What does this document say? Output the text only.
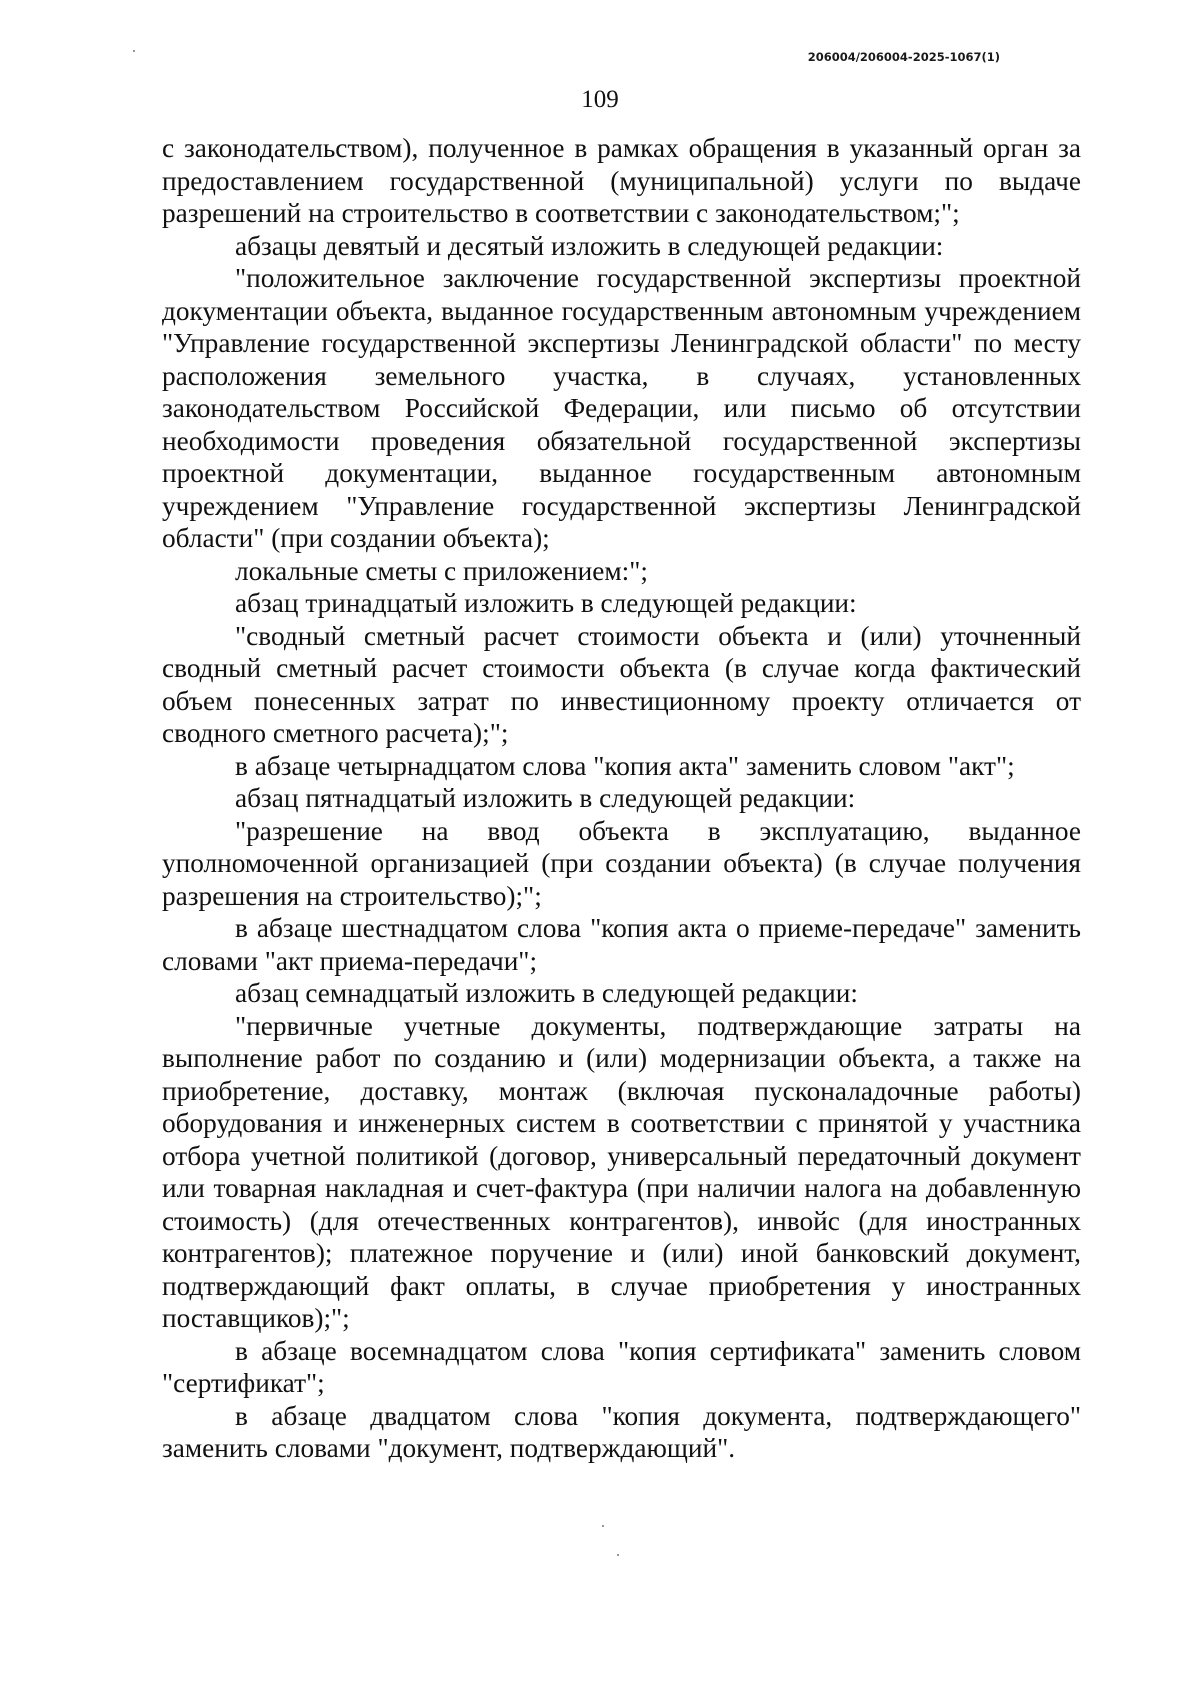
206004/206004-2025-1067(1)
109

с законодательством), полученное в рамках обращения в указанный орган за предоставлением государственной (муниципальной) услуги по выдаче разрешений на строительство в соответствии с законодательством;";

абзацы девятый и десятый изложить в следующей редакции:

"положительное заключение государственной экспертизы проектной документации объекта, выданное государственным автономным учреждением "Управление государственной экспертизы Ленинградской области" по месту расположения земельного участка, в случаях, установленных законодательством Российской Федерации, или письмо об отсутствии необходимости проведения обязательной государственной экспертизы проектной документации, выданное государственным автономным учреждением "Управление государственной экспертизы Ленинградской области" (при создании объекта);

локальные сметы с приложением:";

абзац тринадцатый изложить в следующей редакции:

"сводный сметный расчет стоимости объекта и (или) уточненный сводный сметный расчет стоимости объекта (в случае когда фактический объем понесенных затрат по инвестиционному проекту отличается от сводного сметного расчета);";

в абзаце четырнадцатом слова "копия акта" заменить словом "акт";

абзац пятнадцатый изложить в следующей редакции:

"разрешение на ввод объекта в эксплуатацию, выданное уполномоченной организацией (при создании объекта) (в случае получения разрешения на строительство);";

в абзаце шестнадцатом слова "копия акта о приеме-передаче" заменить словами "акт приема-передачи";

абзац семнадцатый изложить в следующей редакции:

"первичные учетные документы, подтверждающие затраты на выполнение работ по созданию и (или) модернизации объекта, а также на приобретение, доставку, монтаж (включая пусконаладочные работы) оборудования и инженерных систем в соответствии с принятой у участника отбора учетной политикой (договор, универсальный передаточный документ или товарная накладная и счет-фактура (при наличии налога на добавленную стоимость) (для отечественных контрагентов), инвойс (для иностранных контрагентов); платежное поручение и (или) иной банковский документ, подтверждающий факт оплаты, в случае приобретения у иностранных поставщиков);";

в абзаце восемнадцатом слова "копия сертификата" заменить словом "сертификат";

в абзаце двадцатом слова "копия документа, подтверждающего" заменить словами "документ, подтверждающий".
